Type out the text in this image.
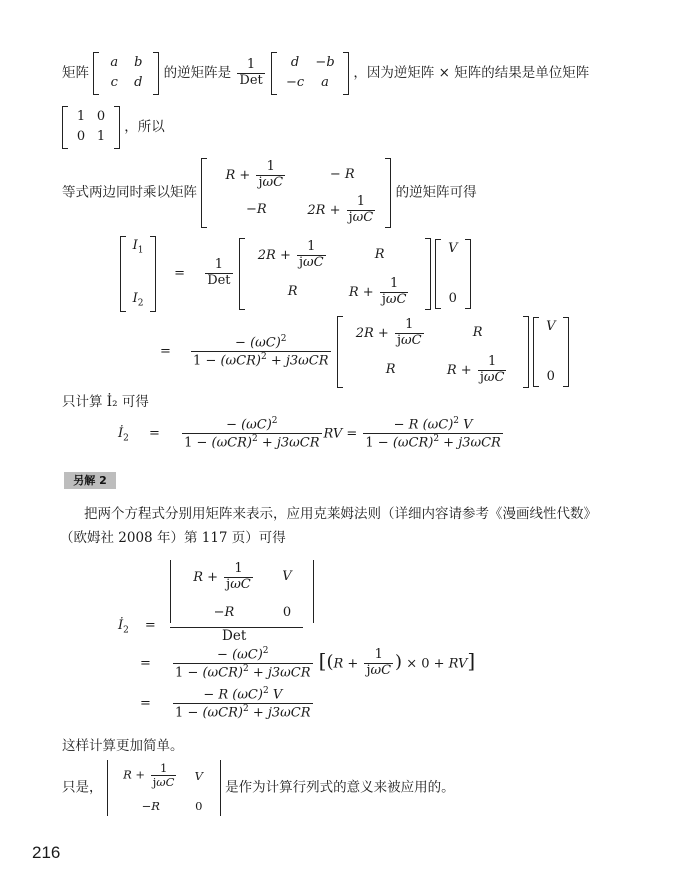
矩阵
a b
c d
的逆矩阵是 $\frac{1}{\text{Det}}$
d −b
−c a
，因为逆矩阵 × 矩阵的结果是单位矩阵
1 0
0 1
，所以
等式两边同时乘以矩阵
$R + \frac{1}{\text{jωC}}$	− R
−R	$2R + \frac{1}{\text{jωC}}$
的逆矩阵可得
$I_1$
$I_2$
= $\frac{1}{\text{Det}}$

$2R + \frac{1}{\text{jωC}}$	R
R	$R + \frac{1}{\text{jωC}}$

V
0
= $\frac{- (\omega C)^2}{1 - (\omega CR)^2 + j3\omega CR}$

$2R + \frac{1}{\text{jωC}}$	R
R	$R + \frac{1}{\text{jωC}}$

V
0
只计算 İ₂ 可得
$İ_2 = \frac{- (\omega C)^2}{1 - (\omega CR)^2 + j3\omega CR}$ RV = $\frac{- R (\omega C)^2 V}{1 - (\omega CR)^2 + j3\omega CR}$
另解 2
把两个方程式分别用矩阵来表示，应用克莱姆法则（详细内容请参考《漫画线性代数》
（欧姆社 2008 年）第 117 页）可得
$R + \frac{1}{\text{jωC}}$ V
−R	0
$İ_2$ =
Det
= $\frac{- (\omega C)^2}{1 - (\omega CR)^2 + j3\omega CR} [(R + \frac{1}{\text{jωC}}$ ) × 0 + RV]
= $\frac{- R (\omega C)^2 V}{1 - (\omega CR)^2 + j3\omega CR}$
这样计算更加简单。
只是，
$R + \frac{1}{\text{jωC}}$ V
−R	0
是作为计算行列式的意义来被应用的。
216
